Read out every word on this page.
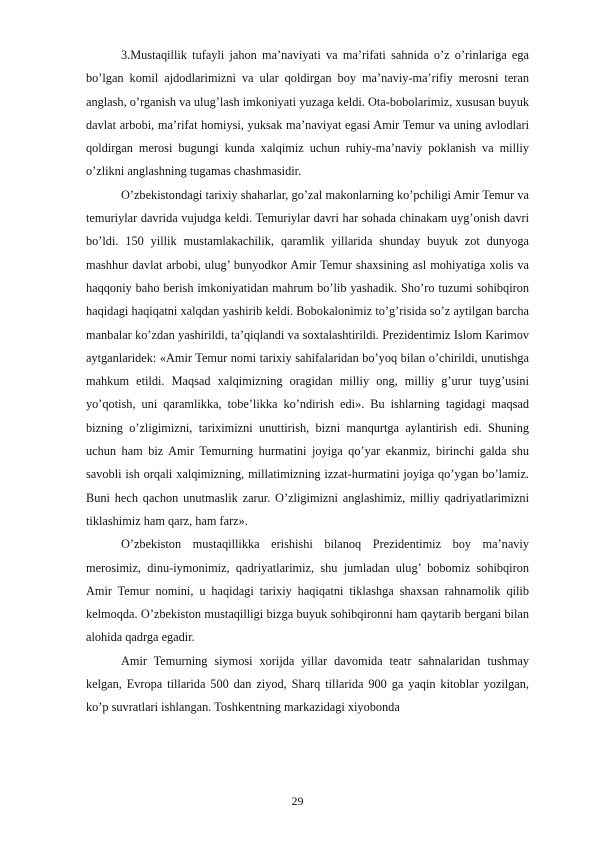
3.Mustaqillik tufayli jahon ma’naviyati va ma’rifati sahnida o’z o’rinlariga ega bo’lgan komil ajdodlarimizni va ular qoldirgan boy ma’naviy-ma’rifiy merosni teran anglash, o’rganish va ulug’lash imkoniyati yuzaga keldi. Ota-bobolarimiz, xususan buyuk davlat arbobi, ma’rifat homiysi, yuksak ma’naviyat egasi Amir Temur va uning avlodlari qoldirgan merosi bugungi kunda xalqimiz uchun ruhiy-ma’naviy poklanish va milliy o’zlikni anglashning tugamas chashmasidir.

O’zbekistondagi tarixiy shaharlar, go’zal makonlarning ko’pchiligi Amir Temur va temuriylar davrida vujudga keldi. Temuriylar davri har sohada chinakam uyg’onish davri bo’ldi. 150 yillik mustamlakachilik, qaramlik yillarida shunday buyuk zot dunyoga mashhur davlat arbobi, ulug’ bunyodkor Amir Temur shaxsining asl mohiyatiga xolis va haqqoniy baho berish imkoniyatidan mahrum bo’lib yashadik. Sho’ro tuzumi sohibqiron haqidagi haqiqatni xalqdan yashirib keldi. Bobokalonimiz to’g’risida so’z aytilgan barcha manbalar ko’zdan yashirildi, ta’qiqlandi va soxtalashtirildi. Prezidentimiz Islom Karimov aytganlaridek: «Amir Temur nomi tarixiy sahifalaridan bo’yoq bilan o’chirildi, unutishga mahkum etildi. Maqsad xalqimizning oragidan milliy ong, milliy g’urur tuyg’usini yo’qotish, uni qaramlikka, tobe’likka ko’ndirish edi». Bu ishlarning tagidagi maqsad bizning o’zligimizni, tariximizni unuttirish, bizni manqurtga aylantirish edi. Shuning uchun ham biz Amir Temurning hurmatini joyiga qo’yar ekanmiz, birinchi galda shu savobli ish orqali xalqimizning, millatimizning izzat-hurmatini joyiga qo’ygan bo’lamiz. Buni hech qachon unutmaslik zarur. O’zligimizni anglashimiz, milliy qadriyatlarimizni tiklashimiz ham qarz, ham farz».

O’zbekiston mustaqillikka erishishi bilanoq Prezidentimiz boy ma’naviy merosimiz, dinu-iymonimiz, qadriyatlarimiz, shu jumladan ulug’ bobomiz sohibqiron Amir Temur nomini, u haqidagi tarixiy haqiqatni tiklashga shaxsan rahnamolik qilib kelmoqda. O’zbekiston mustaqilligi bizga buyuk sohibqironni ham qaytarib bergani bilan alohida qadrga egadir.

Amir Temurning siymosi xorijda yillar davomida teatr sahnalaridan tushmay kelgan, Evropa tillarida 500 dan ziyod, Sharq tillarida 900 ga yaqin kitoblar yozilgan, ko’p suvratlari ishlangan. Toshkentning markazidagi xiyobonda

29
